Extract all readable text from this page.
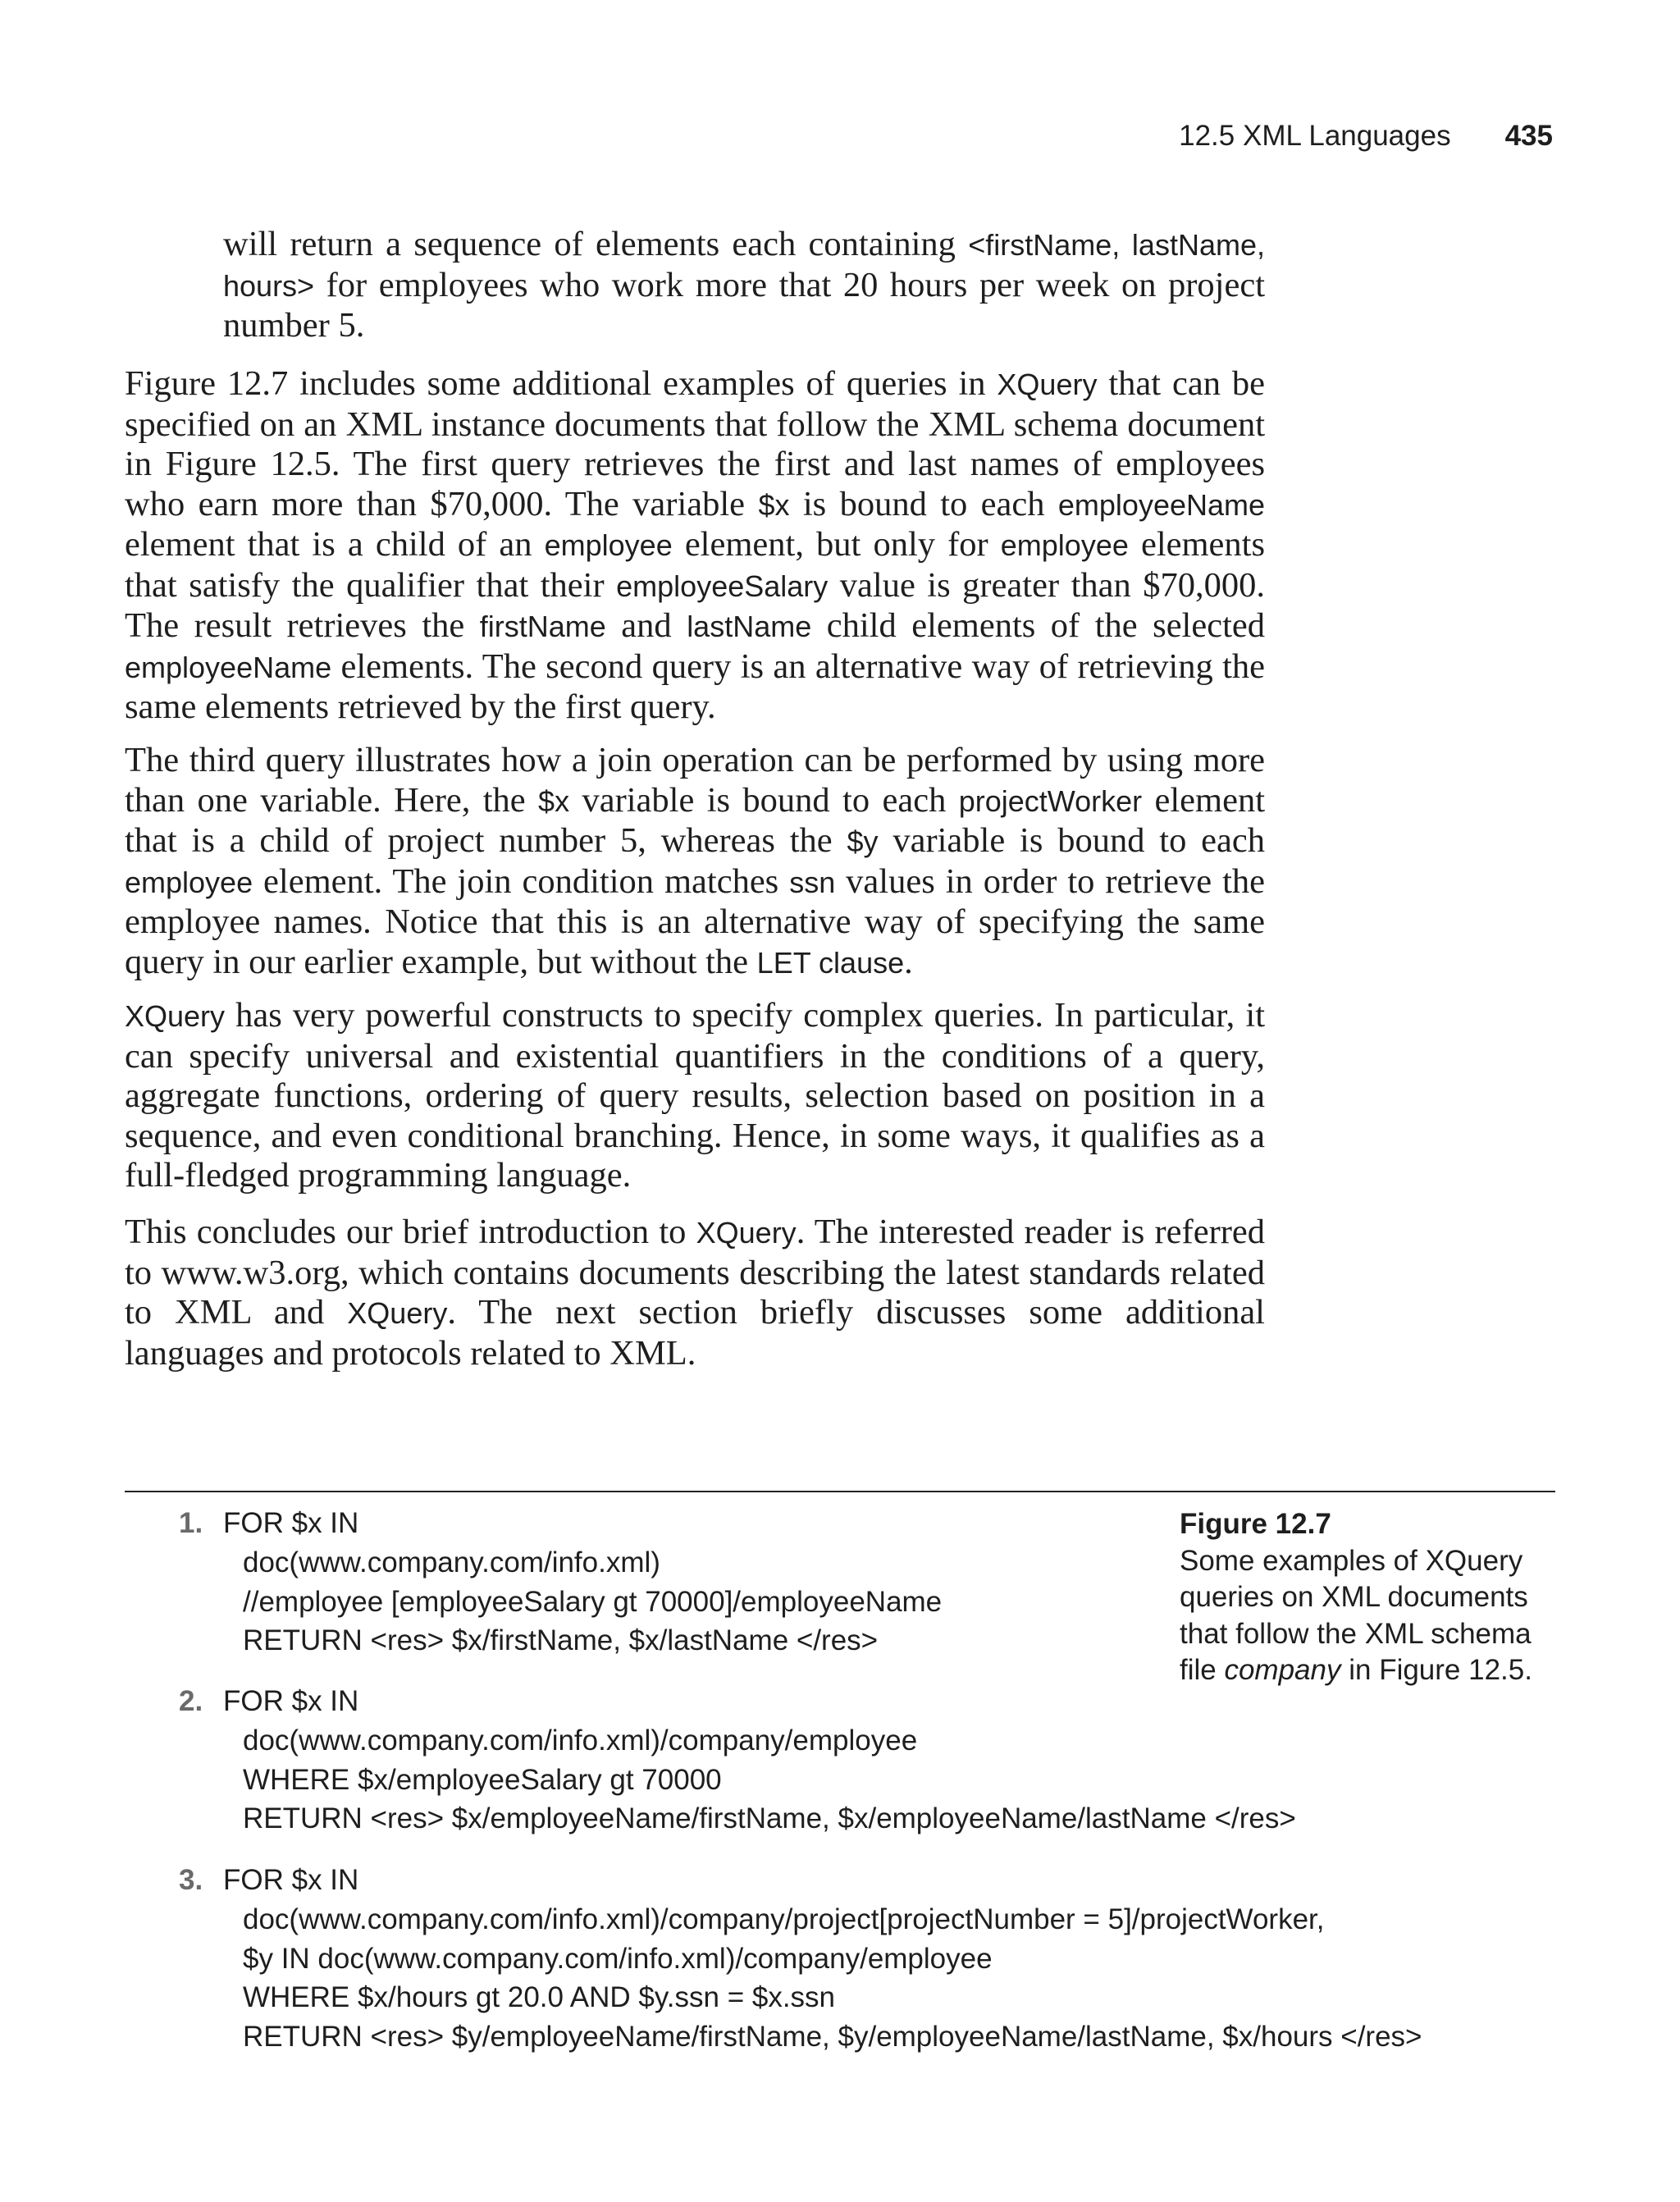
12.5 XML Languages 435

will return a sequence of elements each containing <firstName, lastName, hours> for employees who work more that 20 hours per week on project number 5.

Figure 12.7 includes some additional examples of queries in XQuery that can be specified on an XML instance documents that follow the XML schema document in Figure 12.5. The first query retrieves the first and last names of employees who earn more than $70,000. The variable $x is bound to each employeeName element that is a child of an employee element, but only for employee elements that satisfy the qualifier that their employeeSalary value is greater than $70,000. The result retrieves the firstName and lastName child elements of the selected employeeName elements. The second query is an alternative way of retrieving the same elements retrieved by the first query.

The third query illustrates how a join operation can be performed by using more than one variable. Here, the $x variable is bound to each projectWorker element that is a child of project number 5, whereas the $y variable is bound to each employee element. The join condition matches ssn values in order to retrieve the employee names. Notice that this is an alternative way of specifying the same query in our earlier example, but without the LET clause.

XQuery has very powerful constructs to specify complex queries. In particular, it can specify universal and existential quantifiers in the conditions of a query, aggregate functions, ordering of query results, selection based on position in a sequence, and even conditional branching. Hence, in some ways, it qualifies as a full-fledged programming language.

This concludes our brief introduction to XQuery. The interested reader is referred to www.w3.org, which contains documents describing the latest standards related to XML and XQuery. The next section briefly discusses some additional languages and protocols related to XML.

1. FOR $x IN
doc(www.company.com/info.xml)
//employee [employeeSalary gt 70000]/employeeName
RETURN <res> $x/firstName, $x/lastName </res>
2. FOR $x IN
doc(www.company.com/info.xml)/company/employee
WHERE $x/employeeSalary gt 70000
RETURN <res> $x/employeeName/firstName, $x/employeeName/lastName </res>
3. FOR $x IN
doc(www.company.com/info.xml)/company/project[projectNumber = 5]/projectWorker,
$y IN doc(www.company.com/info.xml)/company/employee
WHERE $x/hours gt 20.0 AND $y.ssn = $x.ssn
RETURN <res> $y/employeeName/firstName, $y/employeeName/lastName, $x/hours </res>
Figure 12.7
Some examples of XQuery queries on XML documents that follow the XML schema file company in Figure 12.5.
